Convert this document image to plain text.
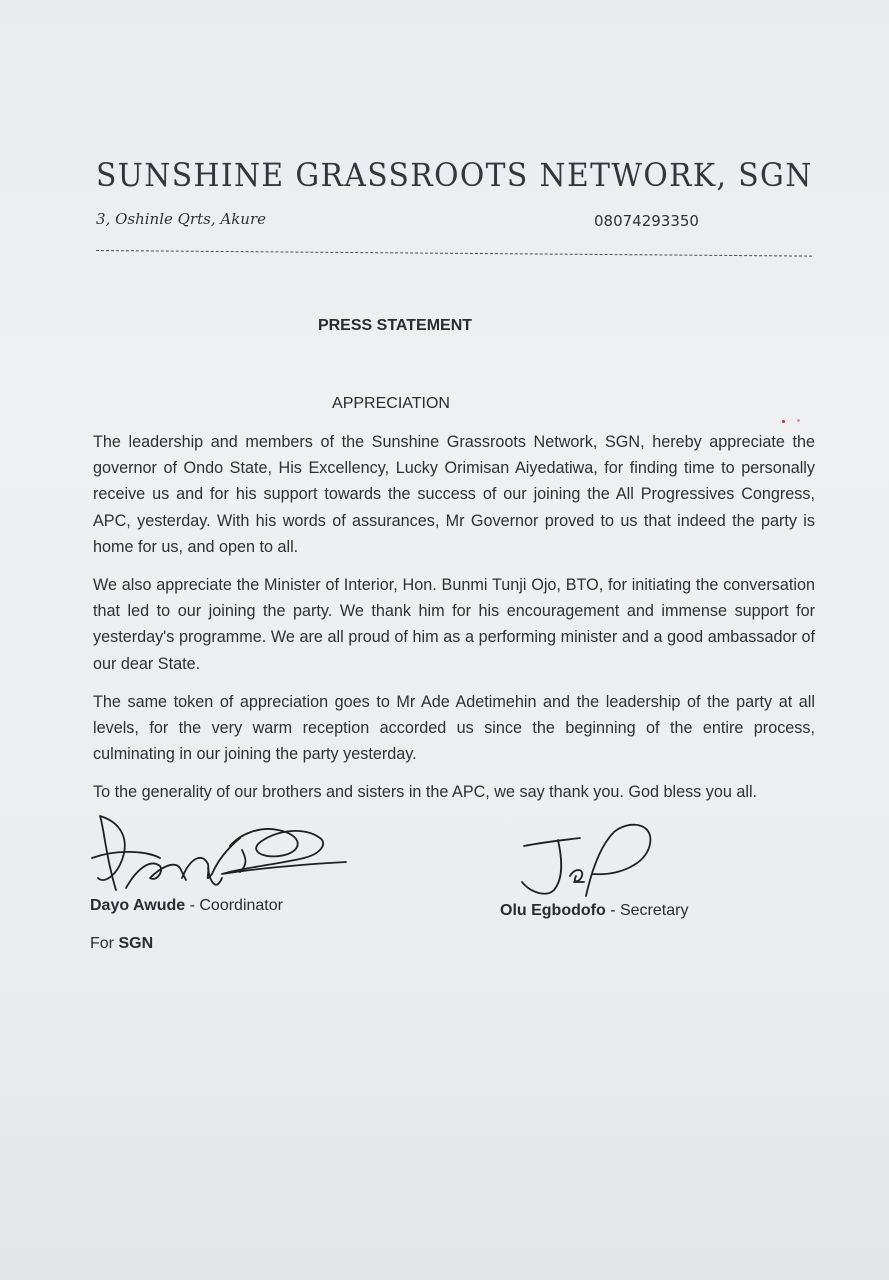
SUNSHINE GRASSROOTS NETWORK, SGN
3, Oshinle Qrts, Akure	08074293350
PRESS STATEMENT
APPRECIATION

The leadership and members of the Sunshine Grassroots Network, SGN, hereby appreciate the governor of Ondo State, His Excellency, Lucky Orimisan Aiyedatiwa, for finding time to personally receive us and for his support towards the success of our joining the All Progressives Congress, APC, yesterday. With his words of assurances, Mr Governor proved to us that indeed the party is home for us, and open to all.

We also appreciate the Minister of Interior, Hon. Bunmi Tunji Ojo, BTO, for initiating the conversation that led to our joining the party. We thank him for his encouragement and immense support for yesterday's programme. We are all proud of him as a performing minister and a good ambassador of our dear State.

The same token of appreciation goes to Mr Ade Adetimehin and the leadership of the party at all levels, for the very warm reception accorded us since the beginning of the entire process, culminating in our joining the party yesterday.

To the generality of our brothers and sisters in the APC, we say thank you. God bless you all.

Dayo Awude - Coordinator	Olu Egbodofo - Secretary
For SGN
